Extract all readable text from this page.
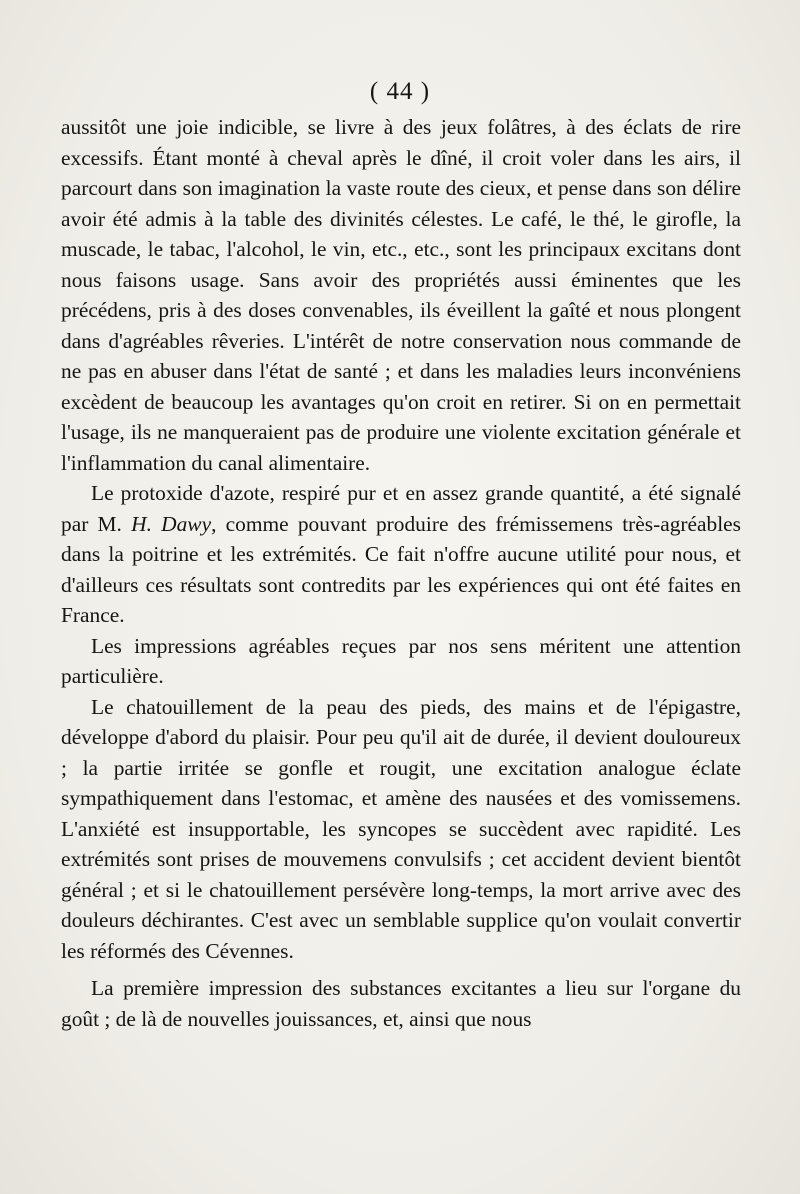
( 44 )

aussitôt une joie indicible, se livre à des jeux folâtres, à des éclats de rire excessifs. Étant monté à cheval après le dîné, il croit voler dans les airs, il parcourt dans son imagination la vaste route des cieux, et pense dans son délire avoir été admis à la table des divinités célestes. Le café, le thé, le girofle, la muscade, le tabac, l'alcohol, le vin, etc., etc., sont les principaux excitans dont nous faisons usage. Sans avoir des propriétés aussi éminentes que les précédens, pris à des doses convenables, ils éveillent la gaîté et nous plongent dans d'agréables rêveries. L'intérêt de notre conservation nous commande de ne pas en abuser dans l'état de santé ; et dans les maladies leurs inconvéniens excèdent de beaucoup les avantages qu'on croit en retirer. Si on en permettait l'usage, ils ne manqueraient pas de produire une violente excitation générale et l'inflammation du canal alimentaire.

Le protoxide d'azote, respiré pur et en assez grande quantité, a été signalé par M. H. Dawy, comme pouvant produire des frémissemens très-agréables dans la poitrine et les extrémités. Ce fait n'offre aucune utilité pour nous, et d'ailleurs ces résultats sont contredits par les expériences qui ont été faites en France.

Les impressions agréables reçues par nos sens méritent une attention particulière.

Le chatouillement de la peau des pieds, des mains et de l'épigastre, développe d'abord du plaisir. Pour peu qu'il ait de durée, il devient douloureux ; la partie irritée se gonfle et rougit, une excitation analogue éclate sympathiquement dans l'estomac, et amène des nausées et des vomissemens. L'anxiété est insupportable, les syncopes se succèdent avec rapidité. Les extrémités sont prises de mouvemens convulsifs ; cet accident devient bientôt général ; et si le chatouillement persévère long-temps, la mort arrive avec des douleurs déchirantes. C'est avec un semblable supplice qu'on voulait convertir les réformés des Cévennes.

La première impression des substances excitantes a lieu sur l'organe du goût ; de là de nouvelles jouissances, et, ainsi que nous
